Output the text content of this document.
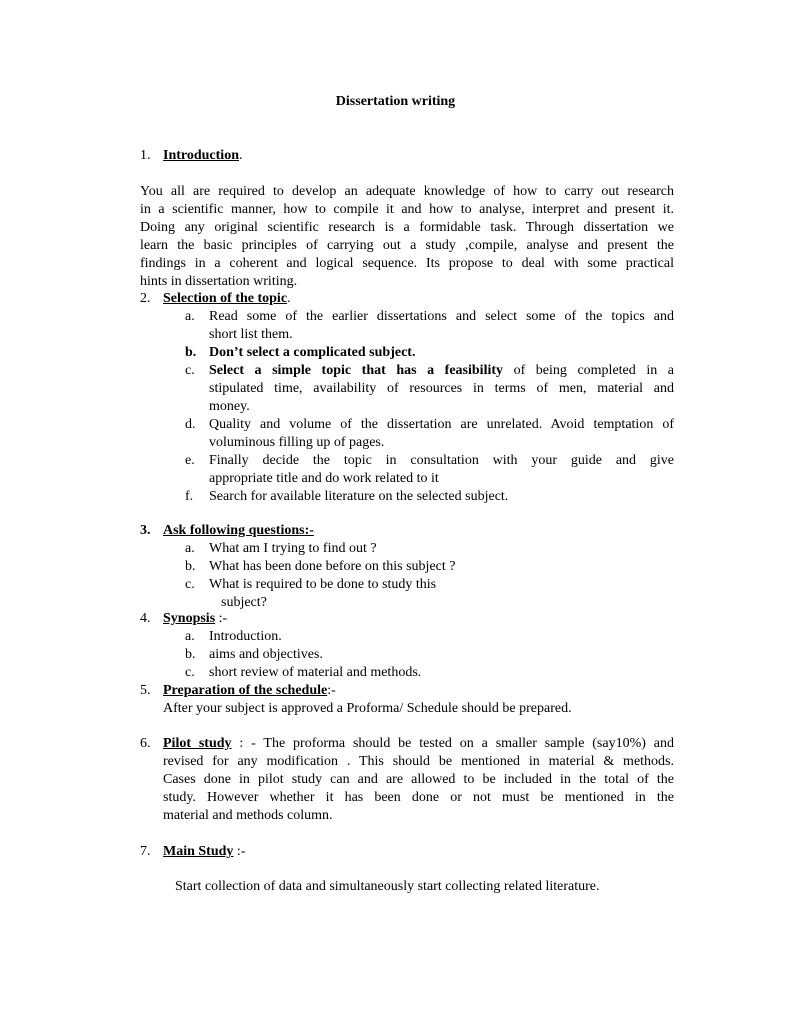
Dissertation writing
1. Introduction.
You all are required to develop an adequate knowledge of how to carry out research
in a scientific manner, how to compile it and how to analyse, interpret and present it.
Doing any original scientific research is a formidable task. Through dissertation we
learn the basic principles of carrying out a study ,compile, analyse and present the
findings in a coherent and logical sequence. Its propose to deal with some practical
hints in dissertation writing.
2. Selection of the topic.
a. Read some of the earlier dissertations and select some of the topics and
short list them.
b. Don’t select a complicated subject.
c. Select a simple topic that has a feasibility of being completed in a
stipulated time, availability of resources in terms of men, material and
money.
d. Quality and volume of the dissertation are unrelated. Avoid temptation of
voluminous filling up of pages.
e. Finally decide the topic in consultation with your guide and give
appropriate title and do work related to it
f. Search for available literature on the selected subject.
3. Ask following questions:-
a. What am I trying to find out ?
b. What has been done before on this subject ?
c. What is required to be done to study this
subject?
4. Synopsis :-
a. Introduction.
b. aims and objectives.
c. short review of material and methods.
5. Preparation of the schedule:-
After your subject is approved a Proforma/ Schedule should be prepared.
6. Pilot study : - The proforma should be tested on a smaller sample (say10%) and
revised for any modification . This should be mentioned in material & methods.
Cases done in pilot study can and are allowed to be included in the total of the
study. However whether it has been done or not must be mentioned in the
material and methods column.
7. Main Study :-
Start collection of data and simultaneously start collecting related literature.
